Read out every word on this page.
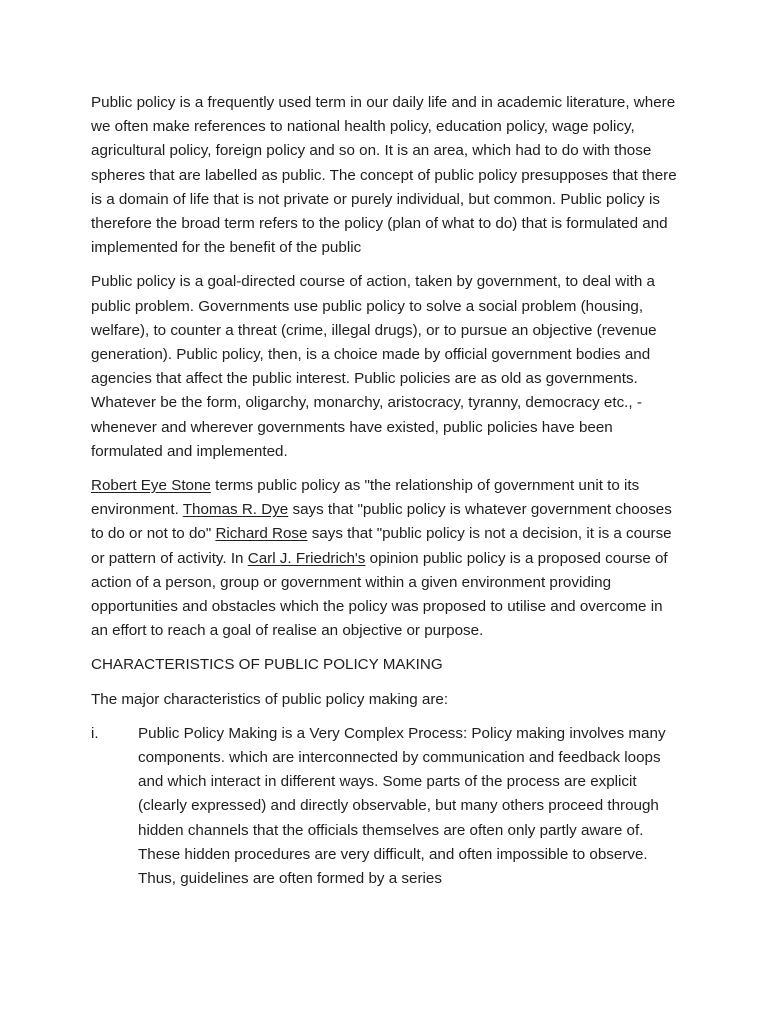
Public policy is a frequently used term in our daily life and in academic literature, where we often make references to national health policy, education policy, wage policy, agricultural policy, foreign policy and so on. It is an area, which had to do with those spheres that are labelled as public. The concept of public policy presupposes that there is a domain of life that is not private or purely individual, but common. Public policy is therefore the broad term refers to the policy (plan of what to do) that is formulated and implemented for the benefit of the public

Public policy is a goal-directed course of action, taken by government, to deal with a public problem. Governments use public policy to solve a social problem (housing, welfare), to counter a threat (crime, illegal drugs), or to pursue an objective (revenue generation). Public policy, then, is a choice made by official government bodies and agencies that affect the public interest. Public policies are as old as governments. Whatever be the form, oligarchy, monarchy, aristocracy, tyranny, democracy etc., - whenever and wherever governments have existed, public policies have been formulated and implemented.

Robert Eye Stone terms public policy as "the relationship of government unit to its environment. Thomas R. Dye says that "public policy is whatever government chooses to do or not to do" Richard Rose says that "public policy is not a decision, it is a course or pattern of activity. In Carl J. Friedrich's opinion public policy is a proposed course of action of a person, group or government within a given environment providing opportunities and obstacles which the policy was proposed to utilise and overcome in an effort to reach a goal of realise an objective or purpose.

CHARACTERISTICS OF PUBLIC POLICY MAKING

The major characteristics of public policy making are:

i.	Public Policy Making is a Very Complex Process: Policy making involves many components. which are interconnected by communication and feedback loops and which interact in different ways. Some parts of the process are explicit (clearly expressed) and directly observable, but many others proceed through hidden channels that the officials themselves are often only partly aware of. These hidden procedures are very difficult, and often impossible to observe. Thus, guidelines are often formed by a series
